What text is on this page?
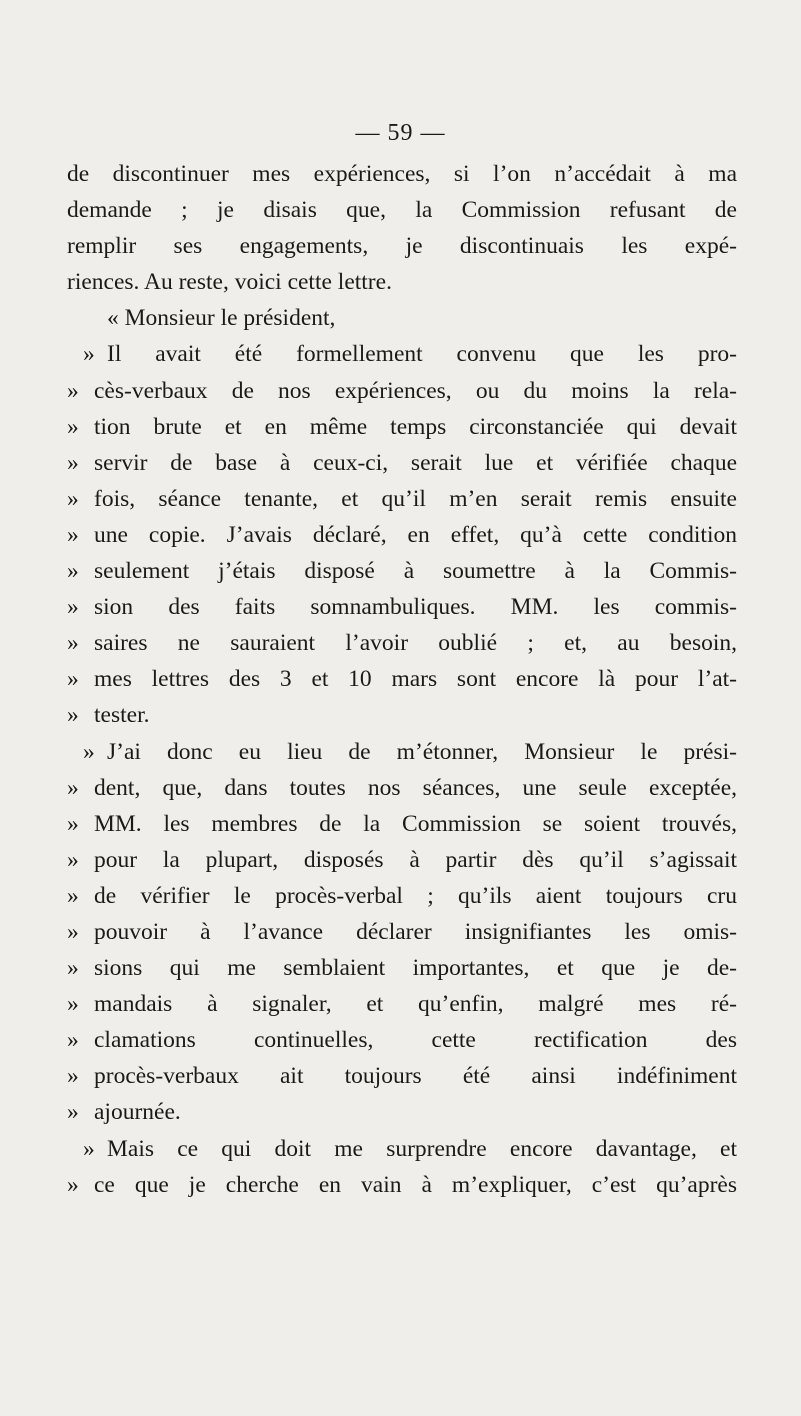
— 59 —
de discontinuer mes expériences, si l’on n’accédait à ma
demande ; je disais que, la Commission refusant de
remplir ses engagements, je discontinuais les expé-
riences. Au reste, voici cette lettre.
« Monsieur le président,
» Il avait été formellement convenu que les pro-
» cès-verbaux de nos expériences, ou du moins la rela-
» tion brute et en même temps circonstanciée qui devait
» servir de base à ceux-ci, serait lue et vérifiée chaque
» fois, séance tenante, et qu’il m’en serait remis ensuite
» une copie. J’avais déclaré, en effet, qu’à cette condition
» seulement j’étais disposé à soumettre à la Commis-
» sion des faits somnambuliques. MM. les commis-
» saires ne sauraient l’avoir oublié ; et, au besoin,
» mes lettres des 3 et 10 mars sont encore là pour l’at-
» tester.
» J’ai donc eu lieu de m’étonner, Monsieur le prési-
» dent, que, dans toutes nos séances, une seule exceptée,
» MM. les membres de la Commission se soient trouvés,
» pour la plupart, disposés à partir dès qu’il s’agissait
» de vérifier le procès-verbal ; qu’ils aient toujours cru
» pouvoir à l’avance déclarer insignifiantes les omis-
» sions qui me semblaient importantes, et que je de-
» mandais à signaler, et qu’enfin, malgré mes ré-
» clamations continuelles, cette rectification des
» procès-verbaux ait toujours été ainsi indéfiniment
» ajournée.
» Mais ce qui doit me surprendre encore davantage, et
» ce que je cherche en vain à m’expliquer, c’est qu’après
